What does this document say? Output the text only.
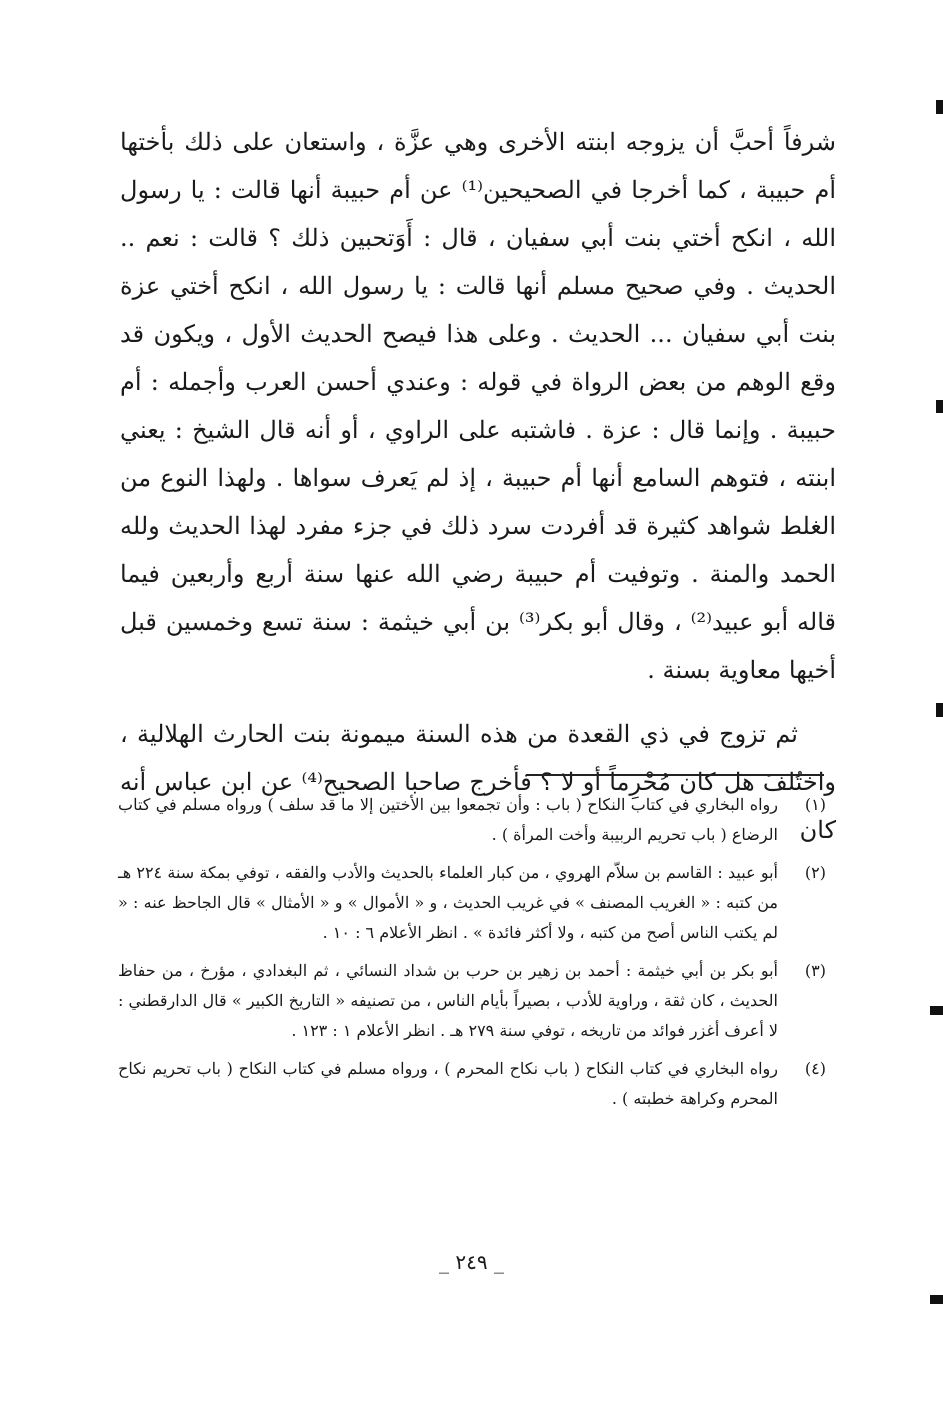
شرفاً أحبَّ أن يزوجه ابنته الأخرى وهي عزَّة ، واستعان على ذلك بأختها أم حبيبة ، كما أخرجا في الصحيحين⁽¹⁾ عن أم حبيبة أنها قالت : يا رسول الله ، انكح أختي بنت أبي سفيان ، قال : أَوَتحبين ذلك ؟ قالت : نعم .. الحديث . وفي صحيح مسلم أنها قالت : يا رسول الله ، انكح أختي عزة بنت أبي سفيان ... الحديث . وعلى هذا فيصح الحديث الأول ، ويكون قد وقع الوهم من بعض الرواة في قوله : وعندي أحسن العرب وأجمله : أم حبيبة . وإنما قال : عزة . فاشتبه على الراوي ، أو أنه قال الشيخ : يعني ابنته ، فتوهم السامع أنها أم حبيبة ، إذ لم يَعرف سواها . ولهذا النوع من الغلط شواهد كثيرة قد أفردت سرد ذلك في جزء مفرد لهذا الحديث ولله الحمد والمنة . وتوفيت أم حبيبة رضي الله عنها سنة أربع وأربعين فيما قاله أبو عبيد⁽²⁾ ، وقال أبو بكر⁽³⁾ بن أبي خيثمة : سنة تسع وخمسين قبل أخيها معاوية بسنة .

ثم تزوج في ذي القعدة من هذه السنة ميمونة بنت الحارث الهلالية ، واختُلفَ هل كان مُحْرِماً أو لا ؟ فأخرج صاحبا الصحيح⁽⁴⁾ عن ابن عباس أنه كان

(١)
رواه البخاري في كتاب النكاح ( باب : وأن تجمعوا بين الأختين إلا ما قد سلف ) ورواه مسلم في كتاب الرضاع ( باب تحريم الربيبة وأخت المرأة ) .
(٢)
أبو عبيد : القاسم بن سلاّم الهروي ، من كبار العلماء بالحديث والأدب والفقه ، توفي بمكة سنة ٢٢٤ هـ من كتبه : « الغريب المصنف » في غريب الحديث ، و « الأموال » و « الأمثال » قال الجاحظ عنه : « لم يكتب الناس أصح من كتبه ، ولا أكثر فائدة » . انظر الأعلام ٦ : ١٠ .
(٣)
أبو بكر بن أبي خيثمة : أحمد بن زهير بن حرب بن شداد النسائي ، ثم البغدادي ، مؤرخ ، من حفاظ الحديث ، كان ثقة ، وراوية للأدب ، بصيراً بأيام الناس ، من تصنيفه « التاريخ الكبير » قال الدارقطني : لا أعرف أغزر فوائد من تاريخه ، توفي سنة ٢٧٩ هـ . انظر الأعلام ١ : ١٢٣ .
(٤)
رواه البخاري في كتاب النكاح ( باب نكاح المحرم ) ، ورواه مسلم في كتاب النكاح ( باب تحريم نكاح المحرم وكراهة خطبته ) .
_ ٢٤٩ _
